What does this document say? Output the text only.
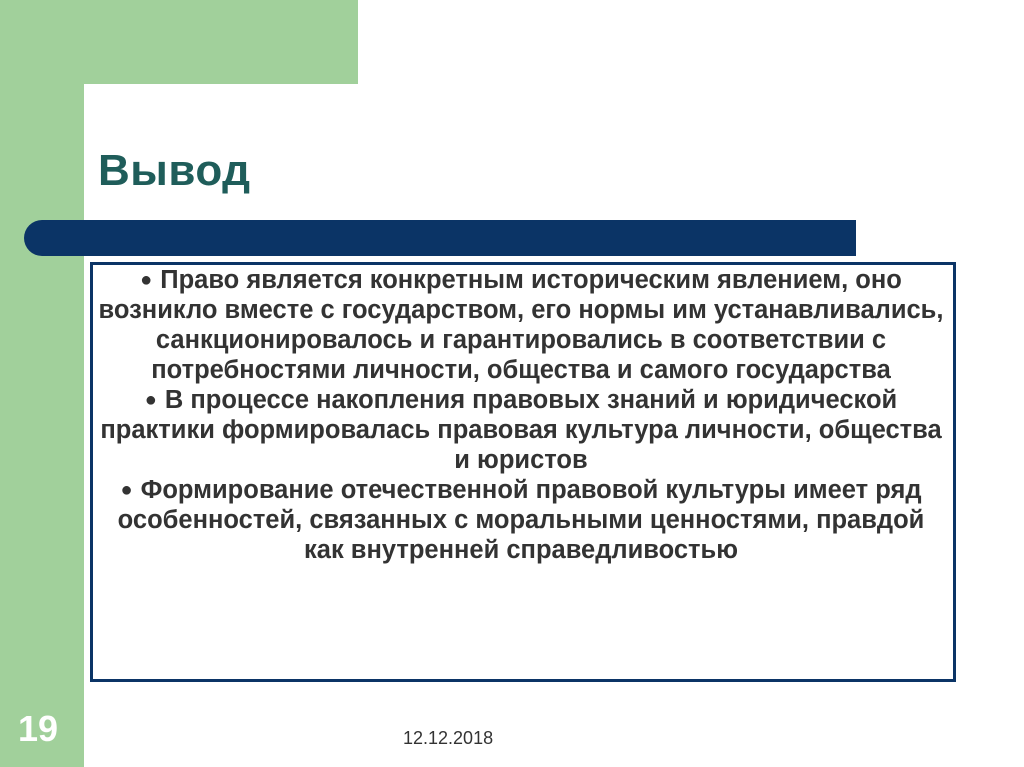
Вывод
● Право является конкретным историческим явлением, оно возникло вместе с государством, его нормы им устанавливались, санкционировалось и гарантировались в соответствии с потребностями личности, общества и самого государства
● В процессе накопления правовых знаний и юридической практики формировалась правовая культура личности, общества и юристов
● Формирование отечественной правовой культуры имеет ряд особенностей, связанных с моральными ценностями, правдой как внутренней справедливостью
19	12.12.2018
